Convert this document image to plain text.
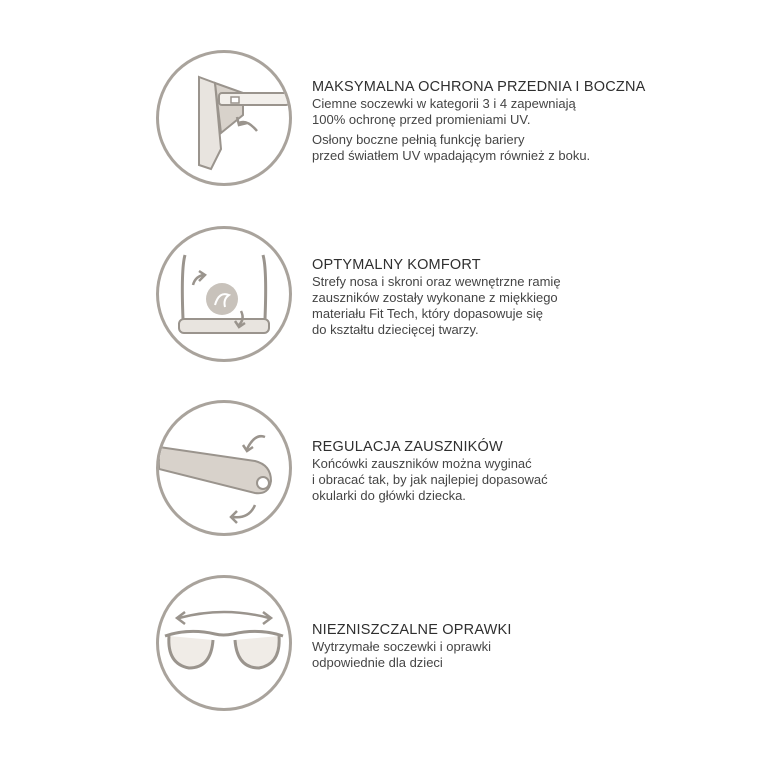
MAKSYMALNA OCHRONA PRZEDNIA I BOCZNA
Ciemne soczewki w kategorii 3 i 4 zapewniają
100% ochronę przed promieniami UV.
Osłony boczne pełnią funkcję bariery
przed światłem UV wpadającym również z boku.
OPTYMALNY KOMFORT
Strefy nosa i skroni oraz wewnętrzne ramię
zauszników zostały wykonane z miękkiego
materiału Fit Tech, który dopasowuje się
do kształtu dziecięcej twarzy.
REGULACJA ZAUSZNIKÓW
Końcówki zauszników można wyginać
i obracać tak, by jak najlepiej dopasować
okularki do główki dziecka.
NIEZNISZCZALNE OPRAWKI
Wytrzymałe soczewki i oprawki
odpowiednie dla dzieci
